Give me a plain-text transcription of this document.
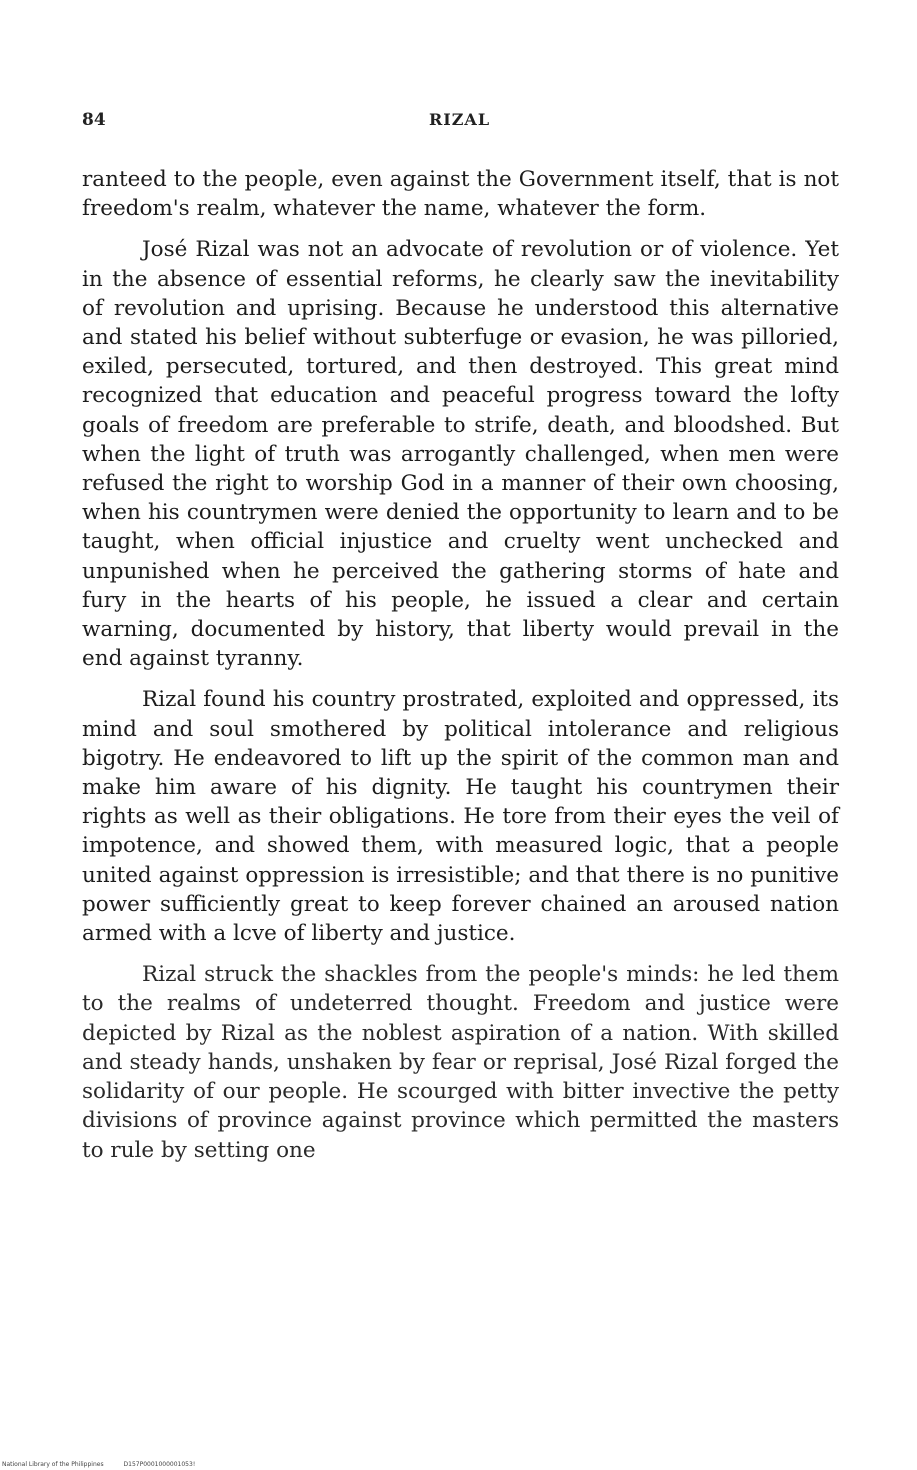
84	RIZAL

ranteed to the people, even against the Government itself, that is not freedom's realm, whatever the name, whatever the form.

José Rizal was not an advocate of revolution or of violence. Yet in the absence of essential reforms, he clearly saw the inevitability of revolution and uprising. Because he understood this alternative and stated his belief without subterfuge or evasion, he was pilloried, exiled, persecuted, tortured, and then destroyed. This great mind recognized that education and peaceful progress toward the lofty goals of freedom are preferable to strife, death, and bloodshed. But when the light of truth was arrogantly challenged, when men were refused the right to worship God in a manner of their own choosing, when his countrymen were denied the opportunity to learn and to be taught, when official injustice and cruelty went unchecked and unpunished when he perceived the gathering storms of hate and fury in the hearts of his people, he issued a clear and certain warning, documented by history, that liberty would prevail in the end against tyranny.

Rizal found his country prostrated, exploited and oppressed, its mind and soul smothered by political intolerance and religious bigotry. He endeavored to lift up the spirit of the common man and make him aware of his dignity. He taught his countrymen their rights as well as their obligations. He tore from their eyes the veil of impotence, and showed them, with measured logic, that a people united against oppression is irresistible; and that there is no punitive power sufficiently great to keep forever chained an aroused nation armed with a lcve of liberty and justice.

Rizal struck the shackles from the people's minds: he led them to the realms of undeterred thought. Freedom and justice were depicted by Rizal as the noblest aspiration of a nation. With skilled and steady hands, unshaken by fear or reprisal, José Rizal forged the solidarity of our people. He scourged with bitter invective the petty divisions of province against province which permitted the masters to rule by setting one

National Library of the Philippines	D157P0001000001053!
